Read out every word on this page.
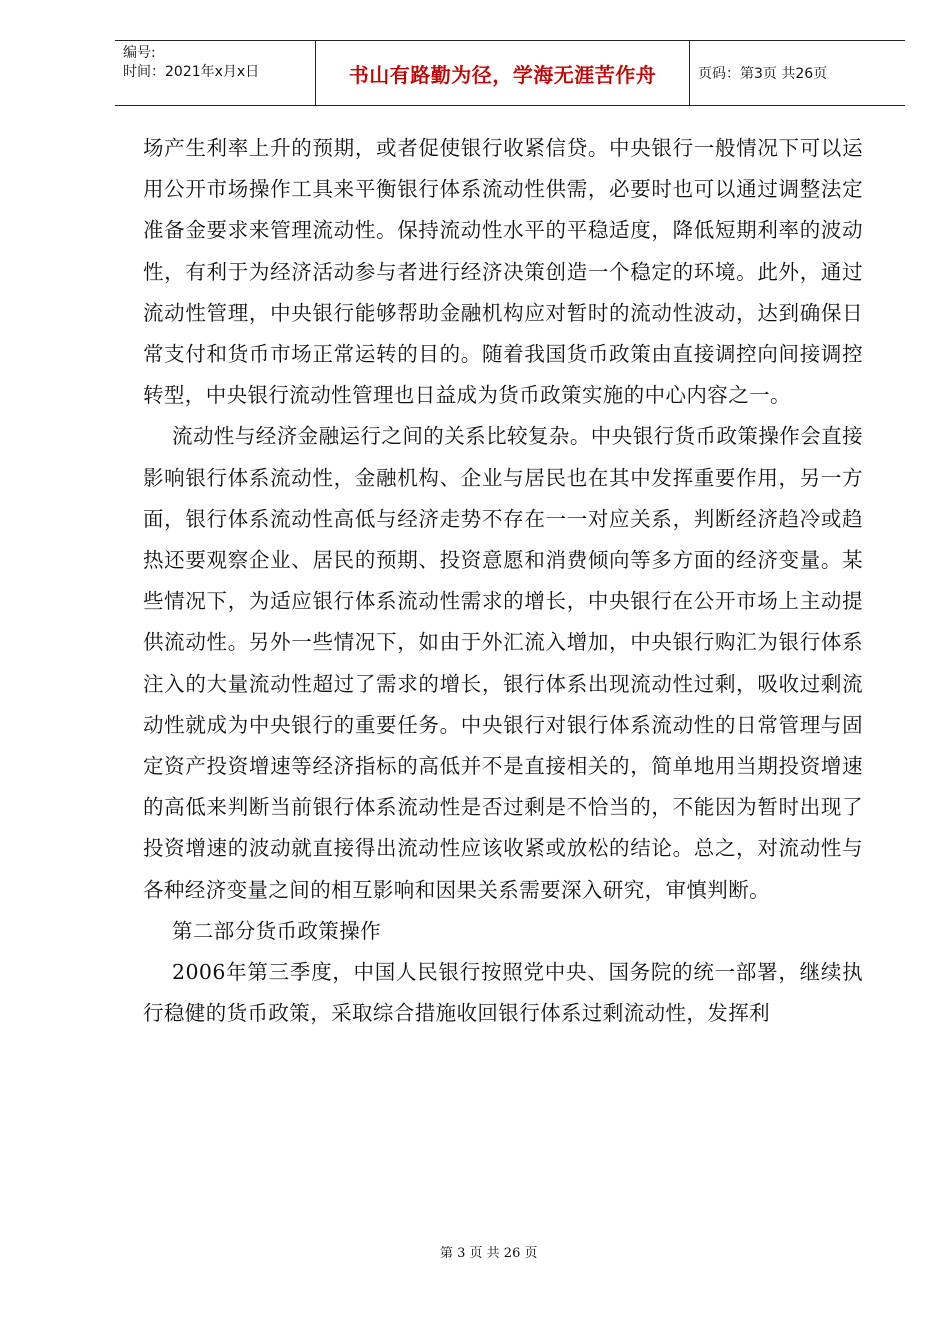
编号:
时间：2021年x月x日	书山有路勤为径，学海无涯苦作舟	页码：第3页 共26页

场产生利率上升的预期，或者促使银行收紧信贷。中央银行一般情况下可以运用公开市场操作工具来平衡银行体系流动性供需，必要时也可以通过调整法定准备金要求来管理流动性。保持流动性水平的平稳适度，降低短期利率的波动性，有利于为经济活动参与者进行经济决策创造一个稳定的环境。此外，通过流动性管理，中央银行能够帮助金融机构应对暂时的流动性波动，达到确保日常支付和货币市场正常运转的目的。随着我国货币政策由直接调控向间接调控转型，中央银行流动性管理也日益成为货币政策实施的中心内容之一。

流动性与经济金融运行之间的关系比较复杂。中央银行货币政策操作会直接影响银行体系流动性，金融机构、企业与居民也在其中发挥重要作用，另一方面，银行体系流动性高低与经济走势不存在一一对应关系，判断经济趋冷或趋热还要观察企业、居民的预期、投资意愿和消费倾向等多方面的经济变量。某些情况下，为适应银行体系流动性需求的增长，中央银行在公开市场上主动提供流动性。另外一些情况下，如由于外汇流入增加，中央银行购汇为银行体系注入的大量流动性超过了需求的增长，银行体系出现流动性过剩，吸收过剩流动性就成为中央银行的重要任务。中央银行对银行体系流动性的日常管理与固定资产投资增速等经济指标的高低并不是直接相关的，简单地用当期投资增速的高低来判断当前银行体系流动性是否过剩是不恰当的，不能因为暂时出现了投资增速的波动就直接得出流动性应该收紧或放松的结论。总之，对流动性与各种经济变量之间的相互影响和因果关系需要深入研究，审慎判断。

第二部分货币政策操作

2006年第三季度，中国人民银行按照党中央、国务院的统一部署，继续执行稳健的货币政策，采取综合措施收回银行体系过剩流动性，发挥利

第 3 页 共 26 页
